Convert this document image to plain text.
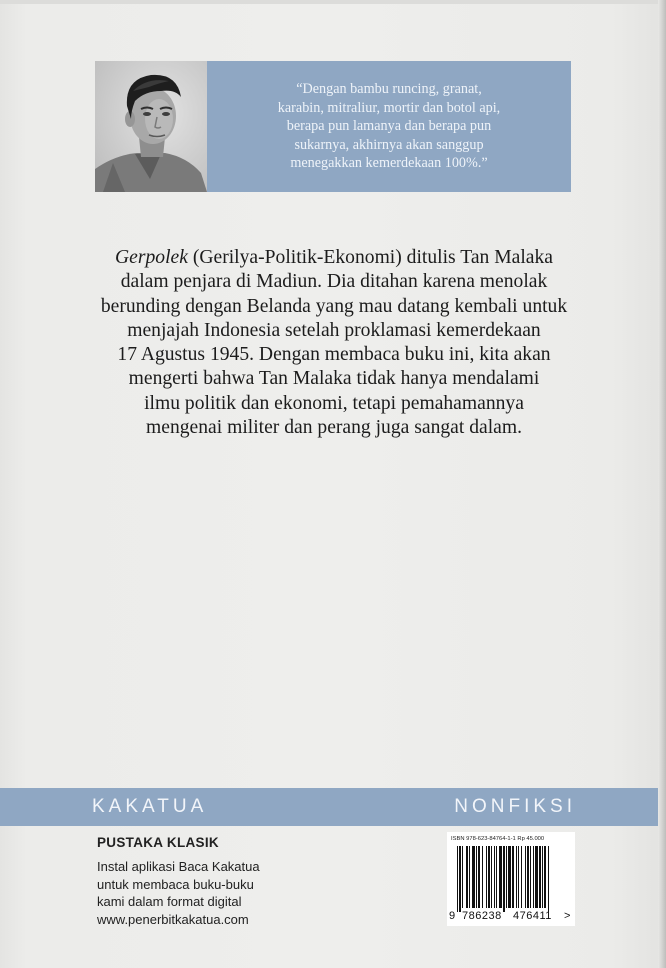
“Dengan bambu runcing, granat,
karabin, mitraliur, mortir dan botol api,
berapa pun lamanya dan berapa pun
sukarnya, akhirnya akan sanggup
menegakkan kemerdekaan 100%.”
Gerpolek (Gerilya-Politik-Ekonomi) ditulis Tan Malaka
dalam penjara di Madiun. Dia ditahan karena menolak
berunding dengan Belanda yang mau datang kembali untuk
menjajah Indonesia setelah proklamasi kemerdekaan
17 Agustus 1945. Dengan membaca buku ini, kita akan
mengerti bahwa Tan Malaka tidak hanya mendalami
ilmu politik dan ekonomi, tetapi pemahamannya
mengenai militer dan perang juga sangat dalam.
KAKATUA	NONFIKSI
PUSTAKA KLASIK
Instal aplikasi Baca Kakatua
untuk membaca buku-buku
kami dalam format digital
www.penerbitkakatua.com
ISBN 978-623-84764-1-1 Rp 45.000
9 786238 476411 >
